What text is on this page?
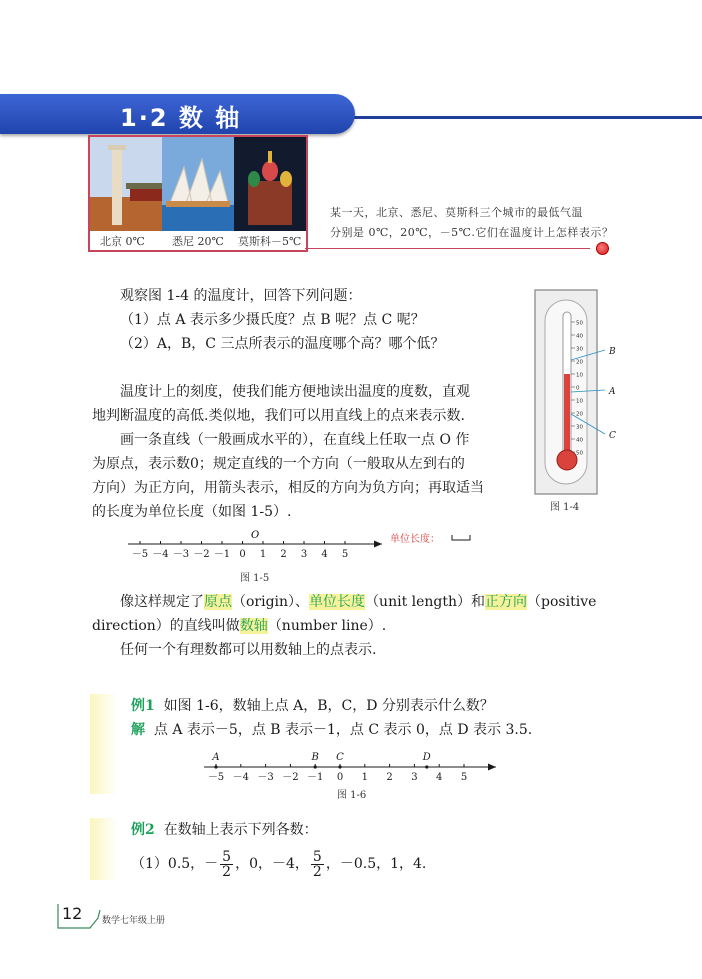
1·2 数 轴
北京 0℃ 悉尼 20℃ 莫斯科－5℃
某一天，北京、悉尼、莫斯科三个城市的最低气温
分别是 0℃，20℃，－5℃.它们在温度计上怎样表示？
观察图 1-4 的温度计，回答下列问题：
（1）点 A 表示多少摄氏度？点 B 呢？点 C 呢？
（2）A，B，C 三点所表示的温度哪个高？哪个低？
50
40
30
20
10
0
10
20
30
40
50
B
A
C
图 1-4
温度计上的刻度，使我们能方便地读出温度的度数，直观
地判断温度的高低.类似地，我们可以用直线上的点来表示数.
画一条直线（一般画成水平的），在直线上任取一点 O 作
为原点，表示数0；规定直线的一个方向（一般取从左到右的
方向）为正方向，用箭头表示，相反的方向为负方向；再取适当
的长度为单位长度（如图 1-5）.
－5 －4 －3 －2 －1 0 1 2 3 4 5
O	单位长度：
图 1-5
像这样规定了原点（origin）、单位长度（unit length）和正方向（positive
direction）的直线叫做数轴（number line）.
任何一个有理数都可以用数轴上的点表示.
例1 如图 1-6，数轴上点 A，B，C，D 分别表示什么数？
解 点 A 表示－5，点 B 表示－1，点 C 表示 0，点 D 表示 3.5.
－5 －4 －3 －2 －1 0 1 2 3 4 5
A	B C	D
图 1-6
例2 在数轴上表示下列各数：
（1）0.5，－ $\frac{5}{2}$ ，0，－4， $\frac{5}{2}$ ，－0.5，1，4.
12 数学七年级上册
